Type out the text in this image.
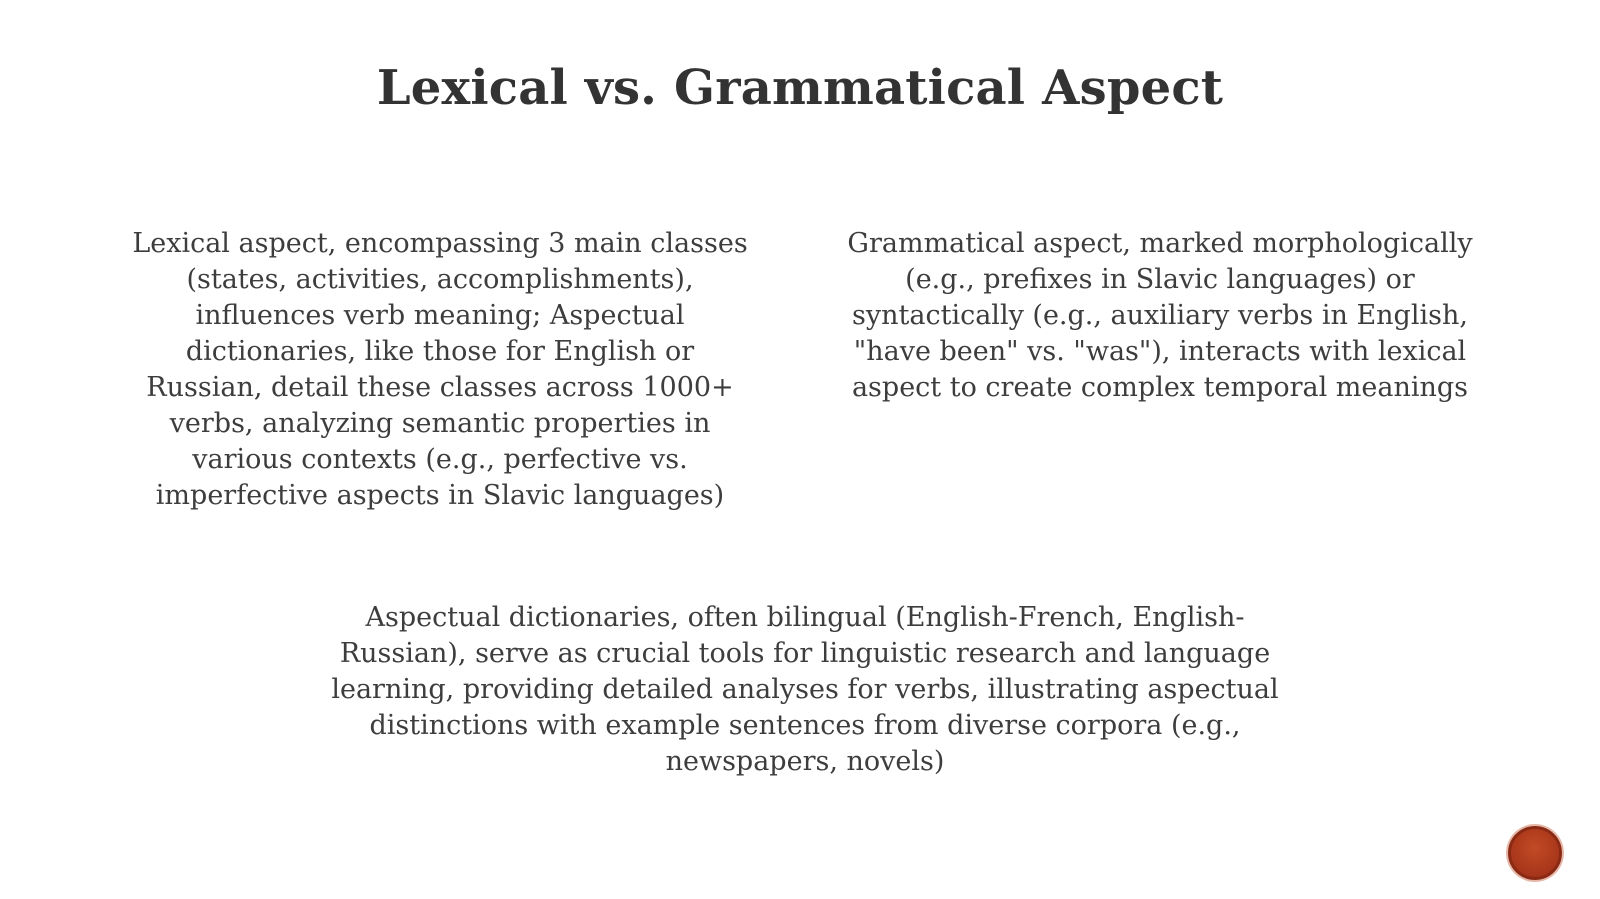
Lexical vs. Grammatical Aspect
Lexical aspect, encompassing 3 main classes
(states, activities, accomplishments),
influences verb meaning; Aspectual
dictionaries, like those for English or
Russian, detail these classes across 1000+
verbs, analyzing semantic properties in
various contexts (e.g., perfective vs.
imperfective aspects in Slavic languages)
Grammatical aspect, marked morphologically
(e.g., prefixes in Slavic languages) or
syntactically (e.g., auxiliary verbs in English,
"have been" vs. "was"), interacts with lexical
aspect to create complex temporal meanings
Aspectual dictionaries, often bilingual (English-French, English-
Russian), serve as crucial tools for linguistic research and language
learning, providing detailed analyses for verbs, illustrating aspectual
distinctions with example sentences from diverse corpora (e.g.,
newspapers, novels)
